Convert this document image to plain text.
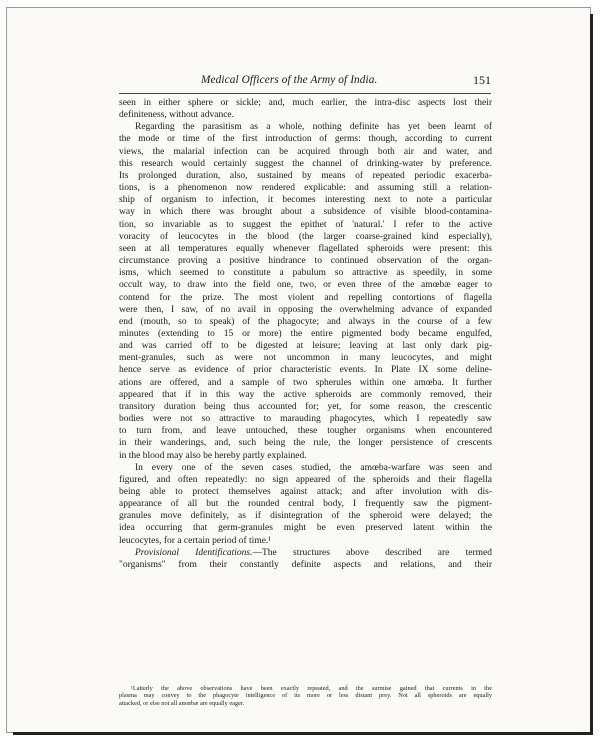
Medical Officers of the Army of India.	151
seen in either sphere or sickle; and, much earlier, the intra-disc aspects lost their
definiteness, without advance.
Regarding the parasitism as a whole, nothing definite has yet been learnt of
the mode or time of the first introduction of germs: though, according to current
views, the malarial infection can be acquired through both air and water, and
this research would certainly suggest the channel of drinking-water by preference.
Its prolonged duration, also, sustained by means of repeated periodic exacerba-
tions, is a phenomenon now rendered explicable: and assuming still a relation-
ship of organism to infection, it becomes interesting next to note a particular
way in which there was brought about a subsidence of visible blood-contamina-
tion, so invariable as to suggest the epithet of 'natural.' I refer to the active
voracity of leucocytes in the blood (the larger coarse-grained kind especially),
seen at all temperatures equally whenever flagellated spheroids were present: this
circumstance proving a positive hindrance to continued observation of the organ-
isms, which seemed to constitute a pabulum so attractive as speedily, in some
occult way, to draw into the field one, two, or even three of the amœbæ eager to
contend for the prize. The most violent and repelling contortions of flagella
were then, I saw, of no avail in opposing the overwhelming advance of expanded
end (mouth, so to speak) of the phagocyte; and always in the course of a few
minutes (extending to 15 or more) the entire pigmented body became engulfed,
and was carried off to be digested at leisure; leaving at last only dark pig-
ment-granules, such as were not uncommon in many leucocytes, and might
hence serve as evidence of prior characteristic events. In Plate IX some deline-
ations are offered, and a sample of two spherules within one amœba. It further
appeared that if in this way the active spheroids are commonly removed, their
transitory duration being thus accounted for; yet, for some reason, the crescentic
bodies were not so attractive to marauding phagocytes, which I repeatedly saw
to turn from, and leave untouched, these tougher organisms when encountered
in their wanderings, and, such being the rule, the longer persistence of crescents
in the blood may also be hereby partly explained.
In every one of the seven cases studied, the amœba-warfare was seen and
figured, and often repeatedly: no sign appeared of the spheroids and their flagella
being able to protect themselves against attack; and after involution with dis-
appearance of all but the rounded central body, I frequently saw the pigment-
granules move definitely, as if disintegration of the spheroid were delayed; the
idea occurring that germ-granules might be even preserved latent within the
leucocytes, for a certain period of time.¹
Provisional Identifications.—The structures above described are termed
"organisms" from their constantly definite aspects and relations, and their
¹Latterly the above observations have been exactly repeated, and the surmise gained that currents in the
plasma may convey to the phagocyte intelligence of its more or less distant prey. Not all spheroids are equally
attacked, or else not all amœbæ are equally eager.
